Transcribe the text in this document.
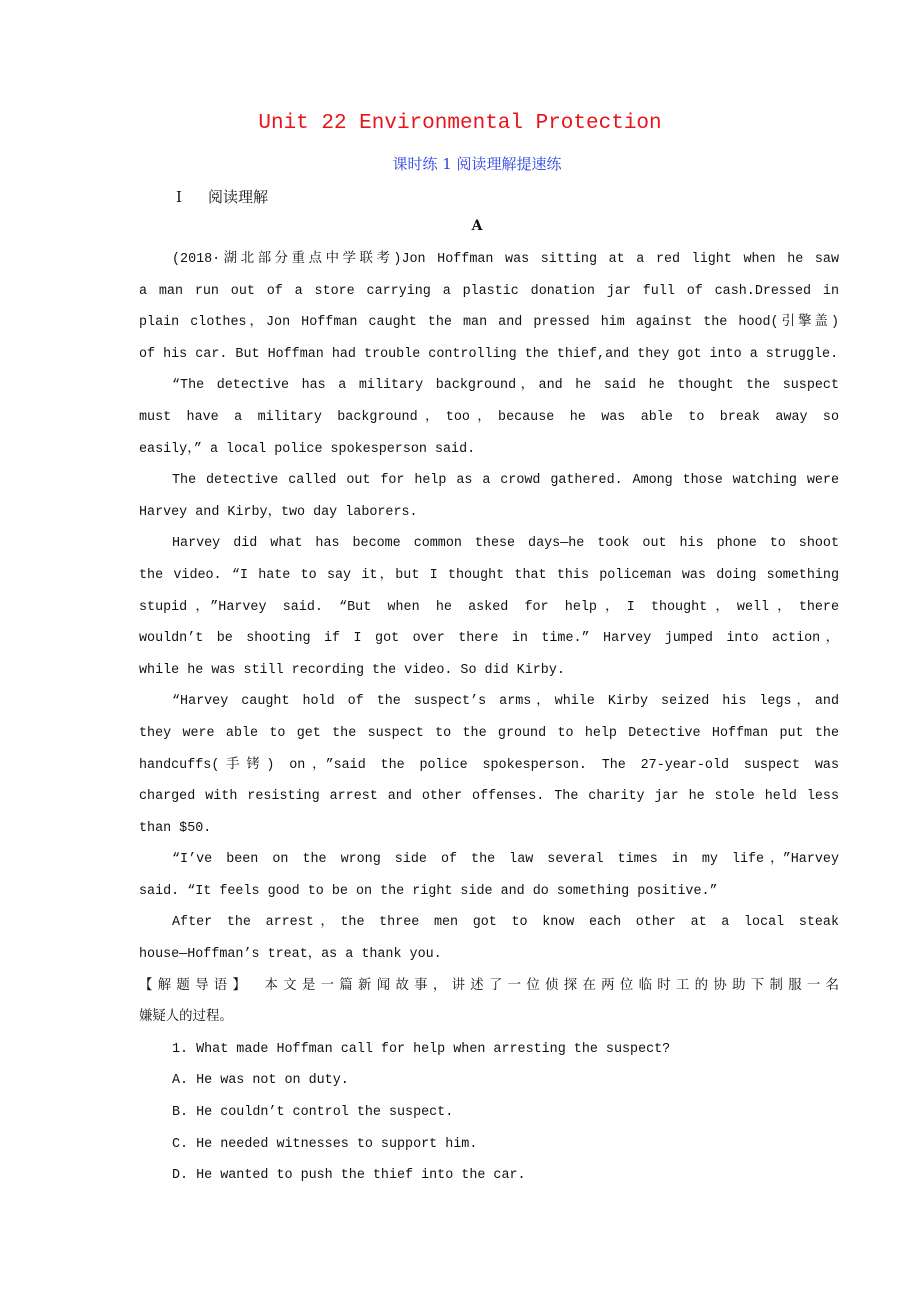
Unit 22 Environmental Protection
课时练 1 阅读理解提速练
Ⅰ 阅读理解
A
(2018·湖北部分重点中学联考)Jon Hoffman was sitting at a red light when he saw
a man run out of a store carrying a plastic donation jar full of cash.Dressed in
plain clothes，Jon Hoffman caught the man and pressed him against the hood(引擎盖)
of his car. But Hoffman had trouble controlling the thief,and they got into a struggle.
“The detective has a military background，and he said he thought the suspect
must have a military background，too，because he was able to break away so
easily，” a local police spokesperson said.
The detective called out for help as a crowd gathered. Among those watching were
Harvey and Kirby，two day laborers.
Harvey did what has become common these days—he took out his phone to shoot
the video. “I hate to say it，but I thought that this policeman was doing something
stupid，”Harvey said. “But when he asked for help，I thought，well，there
wouldn’t be shooting if I got over there in time.” Harvey jumped into action，
while he was still recording the video. So did Kirby.
“Harvey caught hold of the suspect’s arms，while Kirby seized his legs，and
they were able to get the suspect to the ground to help Detective Hoffman put the
handcuffs(手铐) on，”said the police spokesperson. The 27-year-old suspect was
charged with resisting arrest and other offenses. The charity jar he stole held less
than $50.
“I’ve been on the wrong side of the law several times in my life，”Harvey
said. “It feels good to be on the right side and do something positive.”
After the arrest，the three men got to know each other at a local steak
house—Hoffman’s treat，as a thank you.
【解题导语】 本文是一篇新闻故事，讲述了一位侦探在两位临时工的协助下制服一名
嫌疑人的过程。
1. What made Hoffman call for help when arresting the suspect?
A. He was not on duty.
B. He couldn’t control the suspect.
C. He needed witnesses to support him.
D. He wanted to push the thief into the car.
